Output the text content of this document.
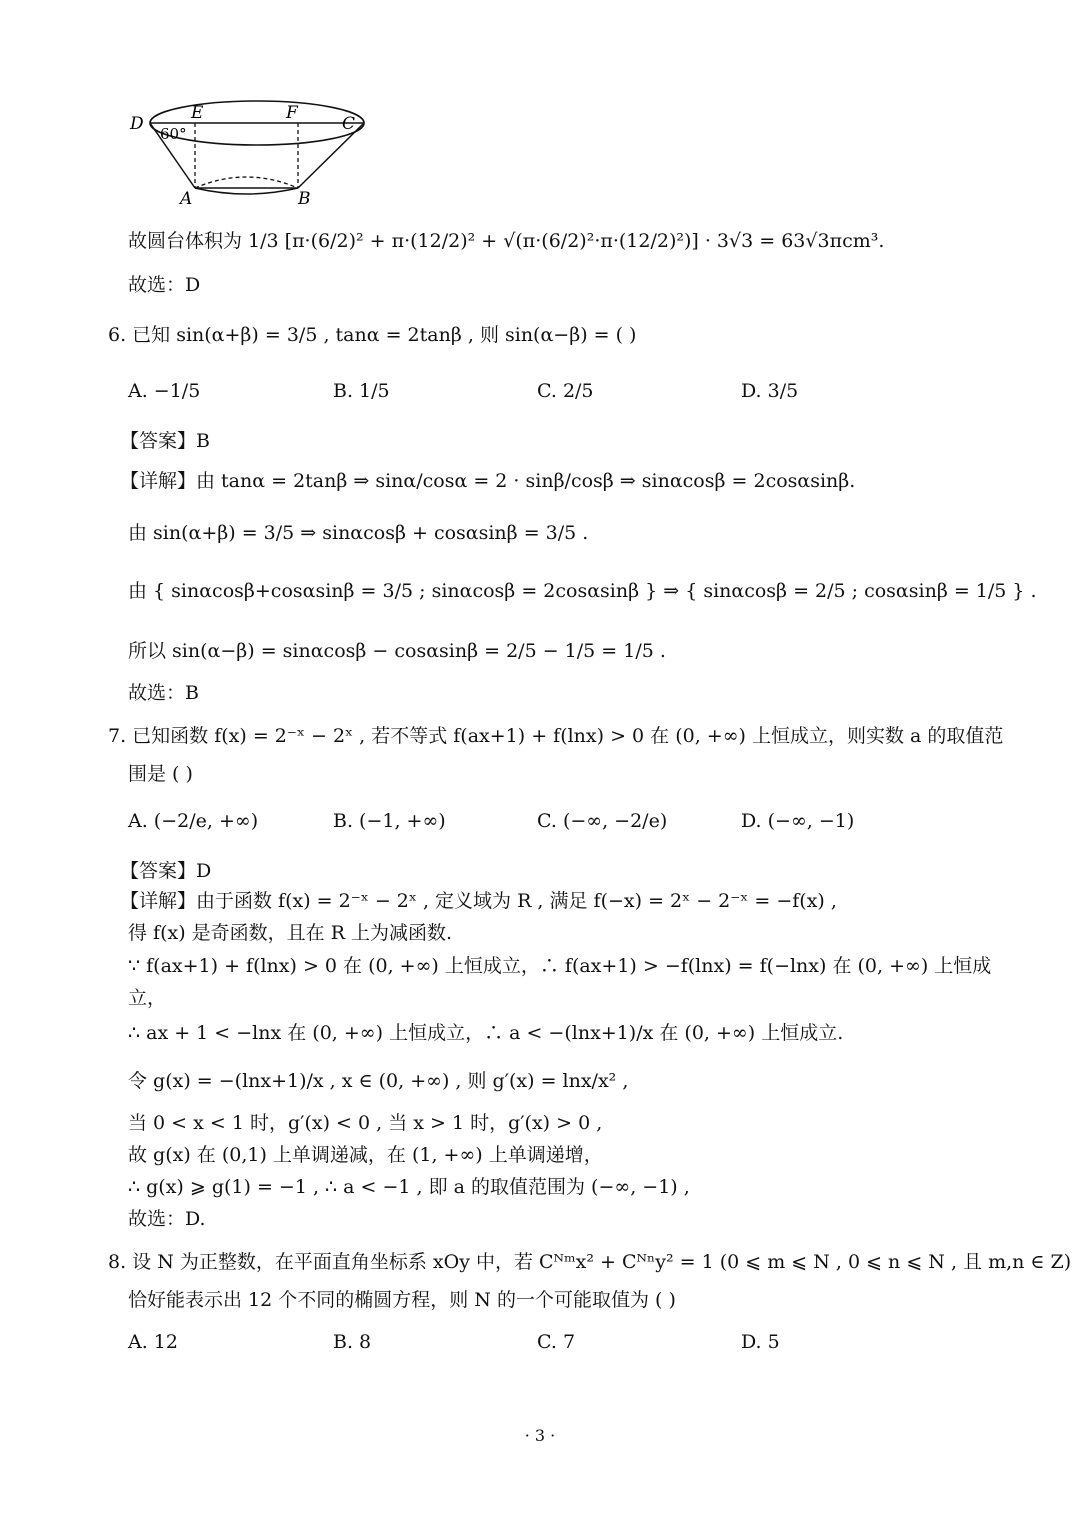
D
E	F
C
A	B
60°
故圆台体积为 1/3 [π·(6/2)² + π·(12/2)² + √(π·(6/2)²·π·(12/2)²)] · 3√3 = 63√3πcm³.
故选：D
6. 已知 sin(α+β) = 3/5 , tanα = 2tanβ , 则 sin(α−β) = ( )
A. −1/5	B. 1/5	C. 2/5	D. 3/5
【答案】B
【详解】由 tanα = 2tanβ ⇒ sinα/cosα = 2 · sinβ/cosβ ⇒ sinαcosβ = 2cosαsinβ.
由 sin(α+β) = 3/5 ⇒ sinαcosβ + cosαsinβ = 3/5 .
由 { sinαcosβ+cosαsinβ = 3/5 ; sinαcosβ = 2cosαsinβ } ⇒ { sinαcosβ = 2/5 ; cosαsinβ = 1/5 } .
所以 sin(α−β) = sinαcosβ − cosαsinβ = 2/5 − 1/5 = 1/5 .
故选：B
7. 已知函数 f(x) = 2⁻ˣ − 2ˣ , 若不等式 f(ax+1) + f(lnx) > 0 在 (0, +∞) 上恒成立，则实数 a 的取值范
围是 ( )
A. (−2/e, +∞)	B. (−1, +∞)	C. (−∞, −2/e)	D. (−∞, −1)
【答案】D
【详解】由于函数 f(x) = 2⁻ˣ − 2ˣ , 定义域为 R , 满足 f(−x) = 2ˣ − 2⁻ˣ = −f(x) ,
得 f(x) 是奇函数，且在 R 上为减函数.
∵ f(ax+1) + f(lnx) > 0 在 (0, +∞) 上恒成立，∴ f(ax+1) > −f(lnx) = f(−lnx) 在 (0, +∞) 上恒成
立，
∴ ax + 1 < −lnx 在 (0, +∞) 上恒成立，∴ a < −(lnx+1)/x 在 (0, +∞) 上恒成立.
令 g(x) = −(lnx+1)/x , x ∈ (0, +∞) , 则 g′(x) = lnx/x² ,
当 0 < x < 1 时，g′(x) < 0 , 当 x > 1 时，g′(x) > 0 ,
故 g(x) 在 (0,1) 上单调递减，在 (1, +∞) 上单调递增，
∴ g(x) ⩾ g(1) = −1 , ∴ a < −1 , 即 a 的取值范围为 (−∞, −1) ,
故选：D.
8. 设 N 为正整数，在平面直角坐标系 xOy 中，若 Cᴺᵐx² + Cᴺⁿy² = 1 (0 ⩽ m ⩽ N , 0 ⩽ n ⩽ N , 且 m,n ∈ Z)
恰好能表示出 12 个不同的椭圆方程，则 N 的一个可能取值为 ( )
A. 12	B. 8	C. 7	D. 5
· 3 ·
